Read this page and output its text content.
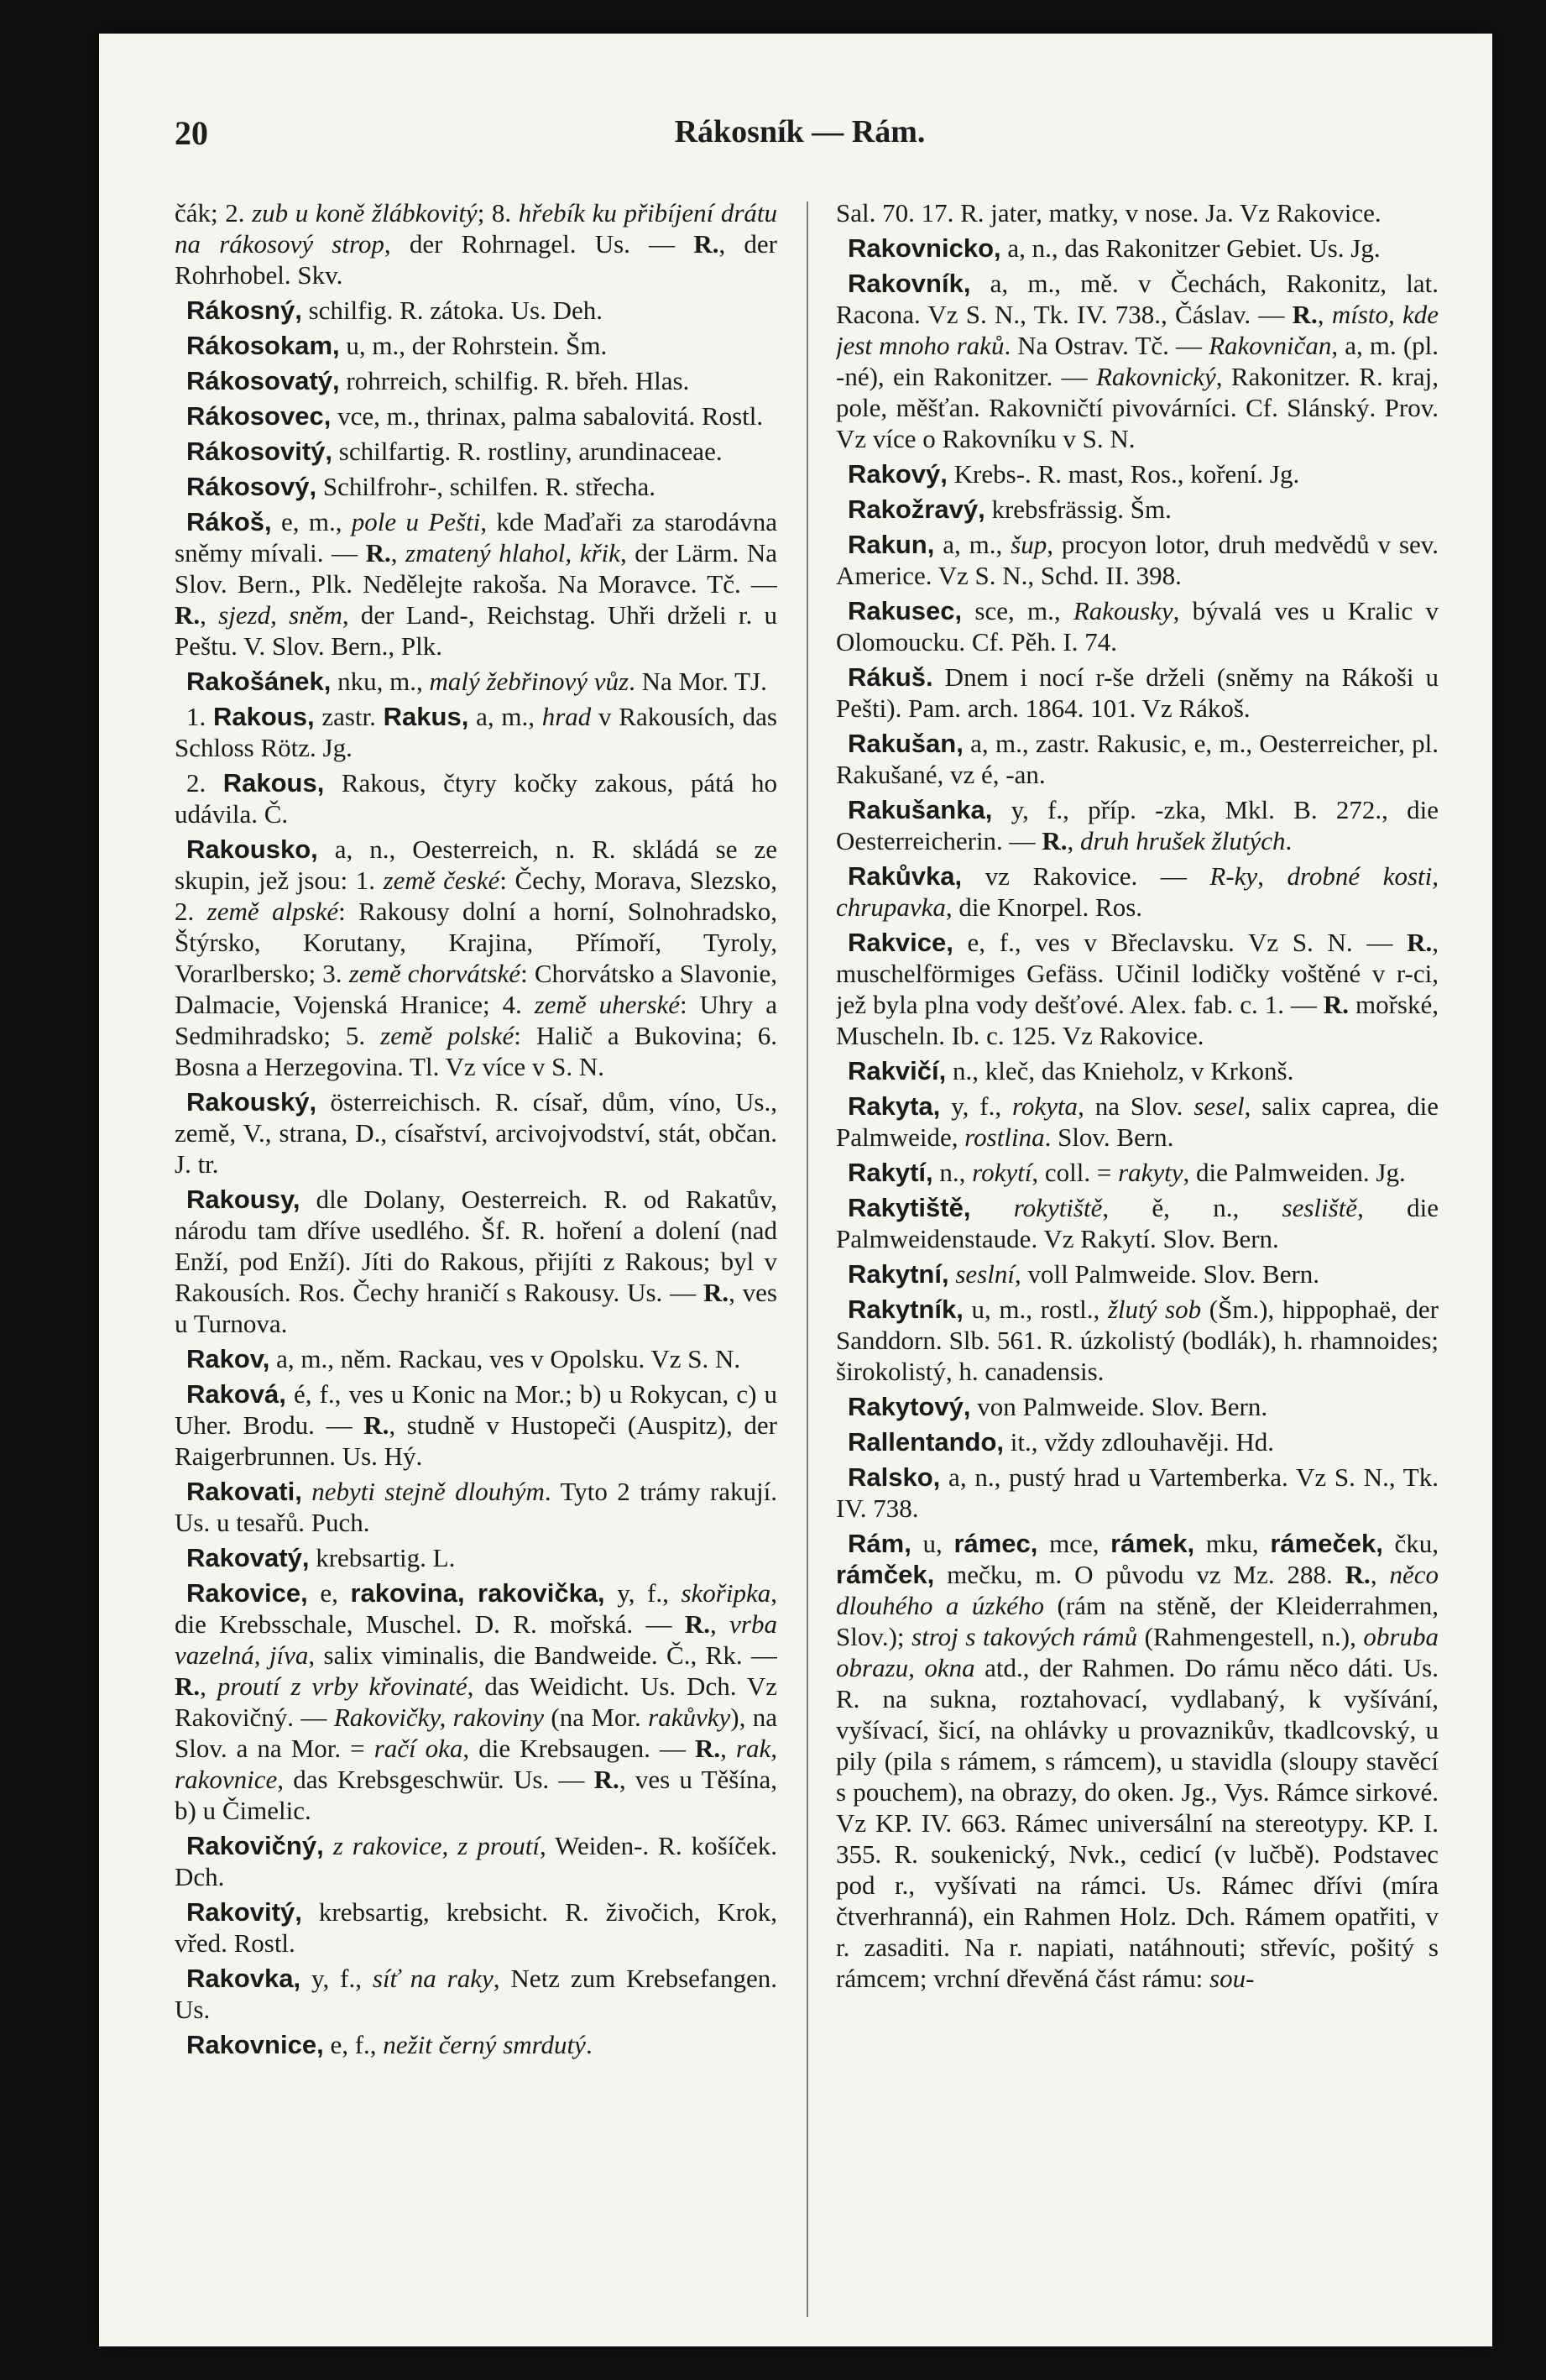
20	Rákosník — Rám.

čák; 2. zub u koně žlábkovitý; 8. hřebík ku přibíjení drátu na rákosový strop, der Rohrnagel. Us. — R., der Rohrhobel. Skv.

Rákosný, schilfig. R. zátoka. Us. Deh.

Rákosokam, u, m., der Rohrstein. Šm.

Rákosovatý, rohrreich, schilfig. R. břeh. Hlas.

Rákosovec, vce, m., thrinax, palma sabalovitá. Rostl.

Rákosovitý, schilfartig. R. rostliny, arundinaceae.

Rákosový, Schilfrohr-, schilfen. R. střecha.

Rákoš, e, m., pole u Pešti, kde Maďaři za starodávna sněmy mívali. — R., zmatený hlahol, křik, der Lärm. Na Slov. Bern., Plk. Nedělejte rakoša. Na Moravce. Tč. — R., sjezd, sněm, der Land-, Reichstag. Uhři drželi r. u Peštu. V. Slov. Bern., Plk.

Rakošánek, nku, m., malý žebřinový vůz. Na Mor. TJ.

1. Rakous, zastr. Rakus, a, m., hrad v Rakousích, das Schloss Rötz. Jg.

2. Rakous, Rakous, čtyry kočky zakous, pátá ho udávila. Č.

Rakousko, a, n., Oesterreich, n. R. skládá se ze skupin, jež jsou: 1. země české: Čechy, Morava, Slezsko, 2. země alpské: Rakousy dolní a horní, Solnohradsko, Štýrsko, Korutany, Krajina, Přímoří, Tyroly, Vorarlbersko; 3. země chorvátské: Chorvátsko a Slavonie, Dalmacie, Vojenská Hranice; 4. země uherské: Uhry a Sedmihradsko; 5. země polské: Halič a Bukovina; 6. Bosna a Herzegovina. Tl. Vz více v S. N.

Rakouský, österreichisch. R. císař, dům, víno, Us., země, V., strana, D., císařství, arcivojvodství, stát, občan. J. tr.

Rakousy, dle Dolany, Oesterreich. R. od Rakatův, národu tam dříve usedlého. Šf. R. hoření a dolení (nad Enží, pod Enží). Jíti do Rakous, přijíti z Rakous; byl v Rakousích. Ros. Čechy hraničí s Rakousy. Us. — R., ves u Turnova.

Rakov, a, m., něm. Rackau, ves v Opolsku. Vz S. N.

Raková, é, f., ves u Konic na Mor.; b) u Rokycan, c) u Uher. Brodu. — R., studně v Hustopeči (Auspitz), der Raigerbrunnen. Us. Hý.

Rakovati, nebyti stejně dlouhým. Tyto 2 trámy rakují. Us. u tesařů. Puch.

Rakovatý, krebsartig. L.

Rakovice, e, rakovina, rakovička, y, f., skořipka, die Krebsschale, Muschel. D. R. mořská. — R., vrba vazelná, jíva, salix viminalis, die Bandweide. Č., Rk. — R., proutí z vrby křovinaté, das Weidicht. Us. Dch. Vz Rakovičný. — Rakovičky, rakoviny (na Mor. rakůvky), na Slov. a na Mor. = račí oka, die Krebsaugen. — R., rak, rakovnice, das Krebsgeschwür. Us. — R., ves u Těšína, b) u Čimelic.

Rakovičný, z rakovice, z proutí, Weiden-. R. košíček. Dch.

Rakovitý, krebsartig, krebsicht. R. živočich, Krok, vřed. Rostl.

Rakovka, y, f., síť na raky, Netz zum Krebsefangen. Us.

Rakovnice, e, f., nežit černý smrdutý.

Sal. 70. 17. R. jater, matky, v nose. Ja. Vz Rakovice.

Rakovnicko, a, n., das Rakonitzer Gebiet. Us. Jg.

Rakovník, a, m., mě. v Čechách, Rakonitz, lat. Racona. Vz S. N., Tk. IV. 738., Čáslav. — R., místo, kde jest mnoho raků. Na Ostrav. Tč. — Rakovničan, a, m. (pl. -né), ein Rakonitzer. — Rakovnický, Rakonitzer. R. kraj, pole, měšťan. Rakovničtí pivovárníci. Cf. Slánský. Prov. Vz více o Rakovníku v S. N.

Rakový, Krebs-. R. mast, Ros., koření. Jg.

Rakožravý, krebsfrässig. Šm.

Rakun, a, m., šup, procyon lotor, druh medvědů v sev. Americe. Vz S. N., Schd. II. 398.

Rakusec, sce, m., Rakousky, bývalá ves u Kralic v Olomoucku. Cf. Pěh. I. 74.

Rákuš. Dnem i nocí r-še drželi (sněmy na Rákoši u Pešti). Pam. arch. 1864. 101. Vz Rákoš.

Rakušan, a, m., zastr. Rakusic, e, m., Oesterreicher, pl. Rakušané, vz é, -an.

Rakušanka, y, f., příp. -zka, Mkl. B. 272., die Oesterreicherin. — R., druh hrušek žlutých.

Rakůvka, vz Rakovice. — R-ky, drobné kosti, chrupavka, die Knorpel. Ros.

Rakvice, e, f., ves v Břeclavsku. Vz S. N. — R., muschelförmiges Gefäss. Učinil lodičky voštěné v r-ci, jež byla plna vody dešťové. Alex. fab. c. 1. — R. mořské, Muscheln. Ib. c. 125. Vz Rakovice.

Rakvičí, n., kleč, das Knieholz, v Krkonš.

Rakyta, y, f., rokyta, na Slov. sesel, salix caprea, die Palmweide, rostlina. Slov. Bern.

Rakytí, n., rokytí, coll. = rakyty, die Palmweiden. Jg.

Rakytiště, rokytiště, ě, n., sesliště, die Palmweidenstaude. Vz Rakytí. Slov. Bern.

Rakytní, seslní, voll Palmweide. Slov. Bern.

Rakytník, u, m., rostl., žlutý sob (Šm.), hippophaë, der Sanddorn. Slb. 561. R. úzkolistý (bodlák), h. rhamnoides; širokolistý, h. canadensis.

Rakytový, von Palmweide. Slov. Bern.

Rallentando, it., vždy zdlouhavěji. Hd.

Ralsko, a, n., pustý hrad u Vartemberka. Vz S. N., Tk. IV. 738.

Rám, u, rámec, mce, rámek, mku, rámeček, čku, rámček, mečku, m. O původu vz Mz. 288. R., něco dlouhého a úzkého (rám na stěně, der Kleiderrahmen, Slov.); stroj s takových rámů (Rahmengestell, n.), obruba obrazu, okna atd., der Rahmen. Do rámu něco dáti. Us. R. na sukna, roztahovací, vydlabaný, k vyšívání, vyšívací, šicí, na ohlávky u provaznikův, tkadlcovský, u pily (pila s rámem, s rámcem), u stavidla (sloupy stavěcí s pouchem), na obrazy, do oken. Jg., Vys. Rámce sirkové. Vz KP. IV. 663. Rámec universální na stereotypy. KP. I. 355. R. soukenický, Nvk., cedicí (v lučbě). Podstavec pod r., vyšívati na rámci. Us. Rámec dřívi (míra čtverhranná), ein Rahmen Holz. Dch. Rámem opatřiti, v r. zasaditi. Na r. napiati, natáhnouti; střevíc, pošitý s rámcem; vrchní dřevěná část rámu: sou-
